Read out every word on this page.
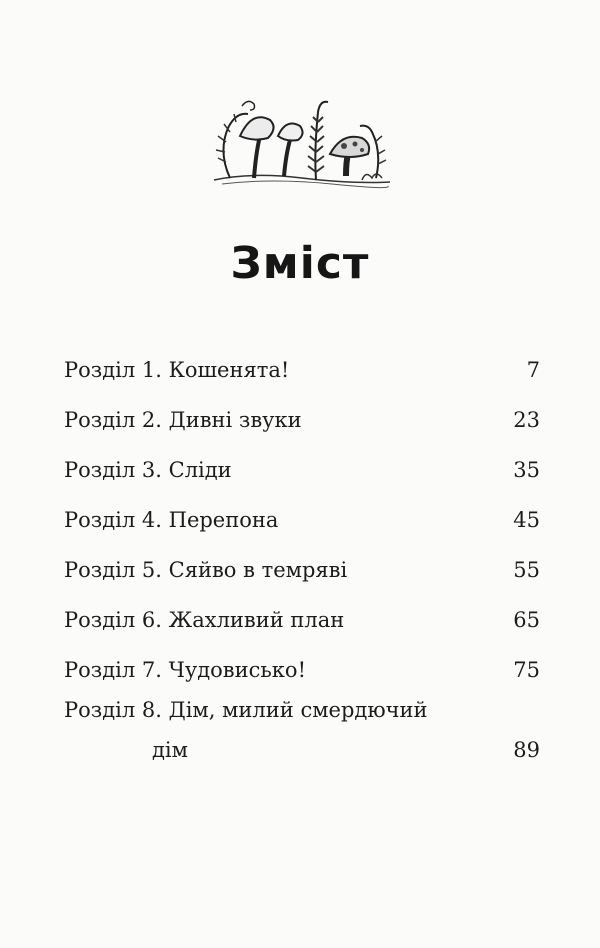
Зміст
Розділ 1. Кошенята!	7
Розділ 2. Дивні звуки	23
Розділ 3. Сліди	35
Розділ 4. Перепона	45
Розділ 5. Сяйво в темряві	55
Розділ 6. Жахливий план	65
Розділ 7. Чудовисько!	75
Розділ 8. Дім, милий смердючий
дім	89
